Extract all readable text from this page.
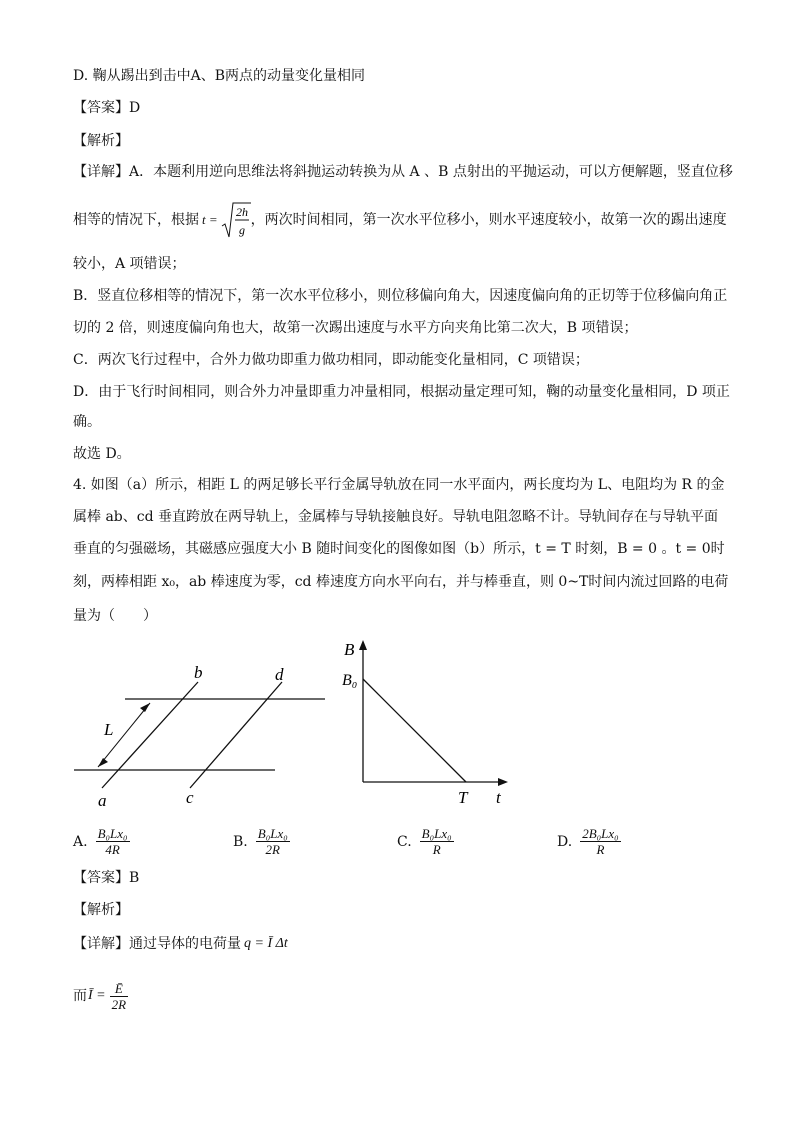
D. 鞠从踢出到击中A、B两点的动量变化量相同
【答案】D
【解析】
【详解】A．本题利用逆向思维法将斜抛运动转换为从 A 、B 点射出的平抛运动，可以方便解题，竖直位移
相等的情况下，根据 t = 2h
g
，两次时间相同，第一次水平位移小，则水平速度较小，故第一次的踢出速度
较小，A 项错误；
B．竖直位移相等的情况下，第一次水平位移小，则位移偏向角大，因速度偏向角的正切等于位移偏向角正
切的 2 倍，则速度偏向角也大，故第一次踢出速度与水平方向夹角比第二次大，B 项错误；
C．两次飞行过程中，合外力做功即重力做功相同，即动能变化量相同，C 项错误；
D．由于飞行时间相同，则合外力冲量即重力冲量相同，根据动量定理可知，鞠的动量变化量相同，D 项正
确。
故选 D。
4. 如图（a）所示，相距 L 的两足够长平行金属导轨放在同一水平面内，两长度均为 L、电阻均为 R 的金
属棒 ab、cd 垂直跨放在两导轨上，金属棒与导轨接触良好。导轨电阻忽略不计。导轨间存在与导轨平面
垂直的匀强磁场，其磁感应强度大小 B 随时间变化的图像如图（b）所示，t = T 时刻，B = 0 。t = 0时
刻，两棒相距 x₀，ab 棒速度为零，cd 棒速度方向水平向右，并与棒垂直，则 0~T时间内流过回路的电荷
量为（　　）
L
b	d
a	c
B
B₀
T t
A. $\frac{\text{B₀Lx₀}}{4R}$	B. $\frac{\text{B₀Lx₀}}{2R}$	C. $\frac{\text{B₀Lx₀}}{R}$	D. $\frac{\text{2B₀Lx₀}}{R}$
【答案】B
【解析】
【详解】通过导体的电荷量 q = Ī Δt
而 Ī = $\frac{Ē}{2R}$
